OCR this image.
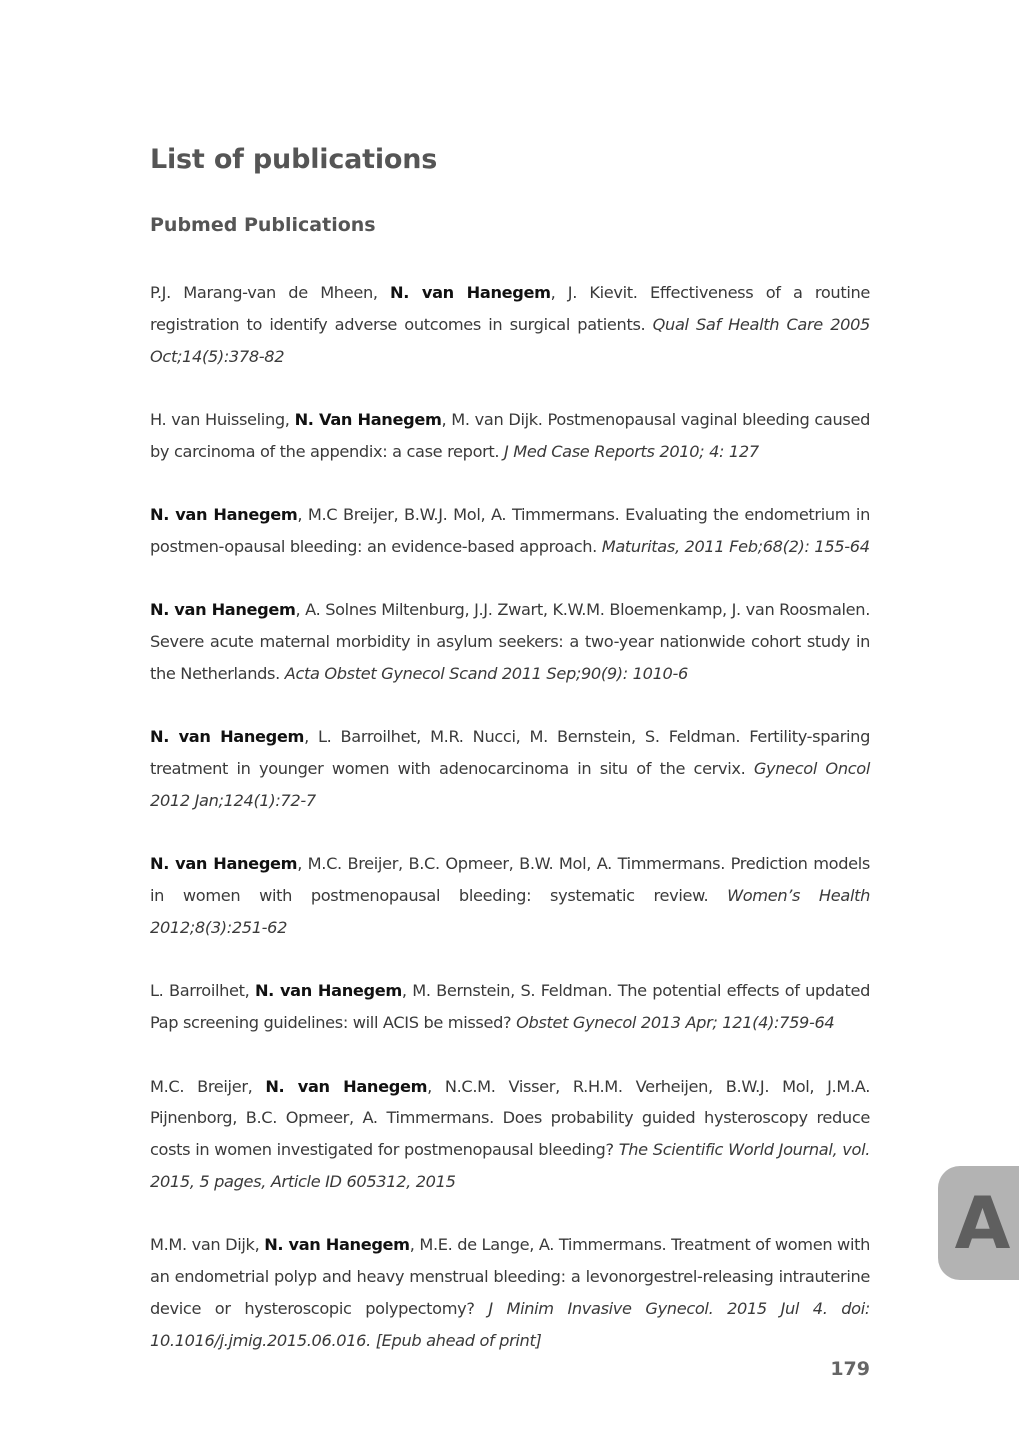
List of publications
Pubmed Publications
P.J. Marang-van de Mheen, N. van Hanegem, J. Kievit. Effectiveness of a routine registration to identify adverse outcomes in surgical patients. Qual Saf Health Care 2005 Oct;14(5):378-82
H. van Huisseling, N. Van Hanegem, M. van Dijk. Postmenopausal vaginal bleeding caused by carcinoma of the appendix: a case report. J Med Case Reports 2010; 4: 127
N. van Hanegem, M.C Breijer, B.W.J. Mol, A. Timmermans. Evaluating the endometrium in postmen-opausal bleeding: an evidence-based approach. Maturitas, 2011 Feb;68(2): 155-64
N. van Hanegem, A. Solnes Miltenburg, J.J. Zwart, K.W.M. Bloemenkamp, J. van Roosmalen. Severe acute maternal morbidity in asylum seekers: a two-year nationwide cohort study in the Netherlands. Acta Obstet Gynecol Scand 2011 Sep;90(9): 1010-6
N. van Hanegem, L. Barroilhet, M.R. Nucci, M. Bernstein, S. Feldman. Fertility-sparing treatment in younger women with adenocarcinoma in situ of the cervix. Gynecol Oncol 2012 Jan;124(1):72-7
N. van Hanegem, M.C. Breijer, B.C. Opmeer, B.W. Mol, A. Timmermans. Prediction models in women with postmenopausal bleeding: systematic review. Women’s Health 2012;8(3):251-62
L. Barroilhet, N. van Hanegem, M. Bernstein, S. Feldman. The potential effects of updated Pap screening guidelines: will ACIS be missed? Obstet Gynecol 2013 Apr; 121(4):759-64
M.C. Breijer, N. van Hanegem, N.C.M. Visser, R.H.M. Verheijen, B.W.J. Mol, J.M.A. Pijnenborg, B.C. Opmeer, A. Timmermans. Does probability guided hysteroscopy reduce costs in women investigated for postmenopausal bleeding? The Scientific World Journal, vol. 2015, 5 pages, Article ID 605312, 2015
M.M. van Dijk, N. van Hanegem, M.E. de Lange, A. Timmermans. Treatment of women with an endometrial polyp and heavy menstrual bleeding: a levonorgestrel-releasing intrauterine device or hysteroscopic polypectomy? J Minim Invasive Gynecol. 2015 Jul 4. doi: 10.1016/j.jmig.2015.06.016. [Epub ahead of print]
A
179
